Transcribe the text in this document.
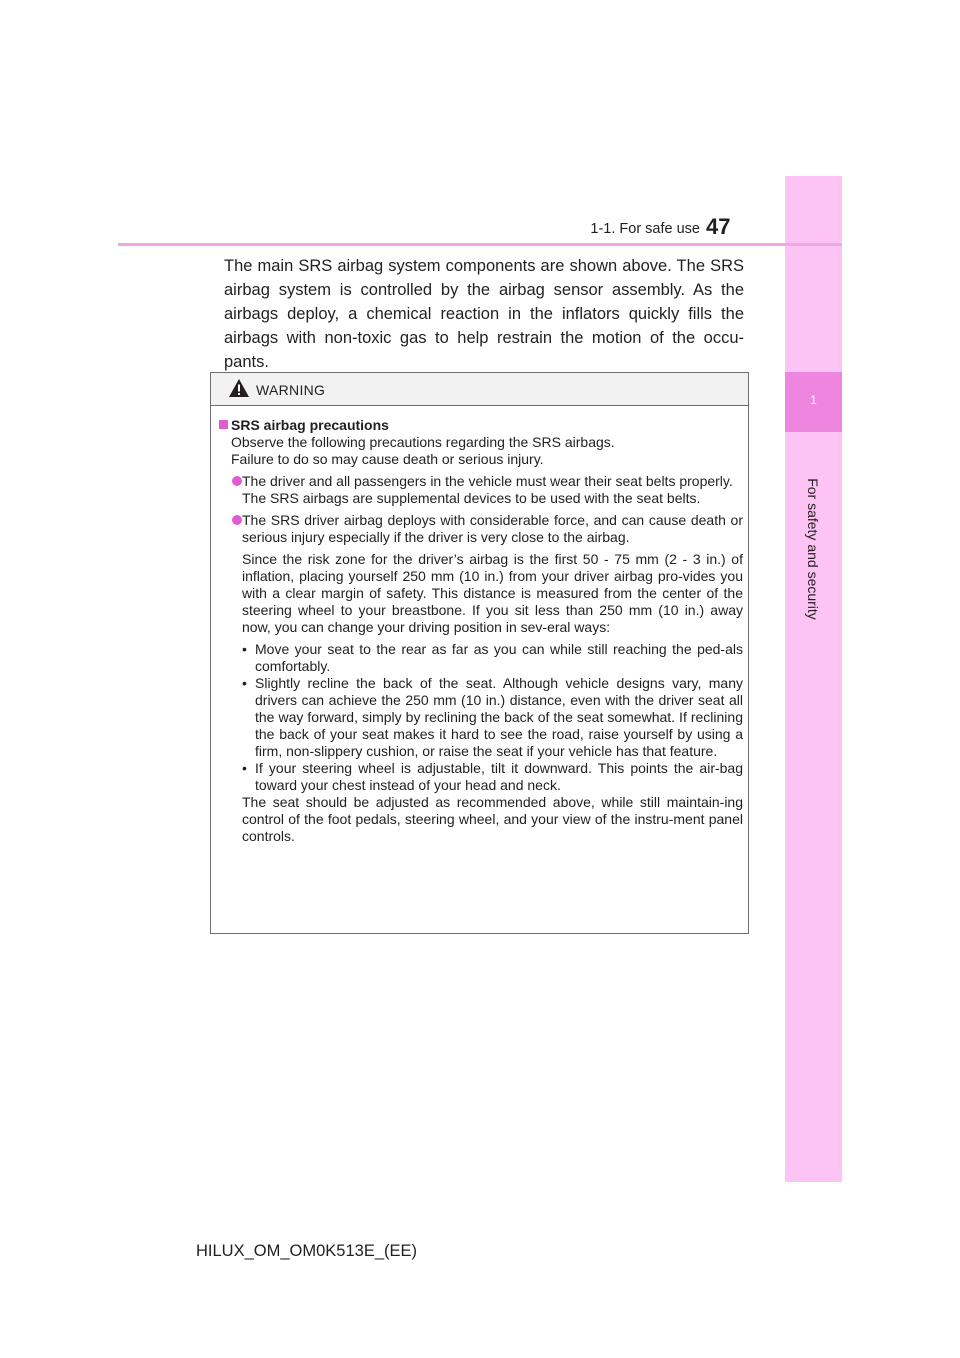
1
For safety and security
1-1. For safe use 47

The main SRS airbag system components are shown above. The SRS airbag system is controlled by the airbag sensor assembly. As the airbags deploy, a chemical reaction in the inflators quickly fills the airbags with non-toxic gas to help restrain the motion of the occu-pants.

WARNING
SRS airbag precautions
Observe the following precautions regarding the SRS airbags.
Failure to do so may cause death or serious injury.
The driver and all passengers in the vehicle must wear their seat belts properly.
The SRS airbags are supplemental devices to be used with the seat belts.
The SRS driver airbag deploys with considerable force, and can cause death or serious injury especially if the driver is very close to the airbag.
Since the risk zone for the driver’s airbag is the first 50 - 75 mm (2 - 3 in.) of inflation, placing yourself 250 mm (10 in.) from your driver airbag pro-vides you with a clear margin of safety. This distance is measured from the center of the steering wheel to your breastbone. If you sit less than 250 mm (10 in.) away now, you can change your driving position in sev-eral ways:
• Move your seat to the rear as far as you can while still reaching the ped-als comfortably.
• Slightly recline the back of the seat. Although vehicle designs vary, many drivers can achieve the 250 mm (10 in.) distance, even with the driver seat all the way forward, simply by reclining the back of the seat somewhat. If reclining the back of your seat makes it hard to see the road, raise yourself by using a firm, non-slippery cushion, or raise the seat if your vehicle has that feature.
• If your steering wheel is adjustable, tilt it downward. This points the air-bag toward your chest instead of your head and neck.
The seat should be adjusted as recommended above, while still maintain-ing control of the foot pedals, steering wheel, and your view of the instru-ment panel controls.
HILUX_OM_OM0K513E_(EE)
